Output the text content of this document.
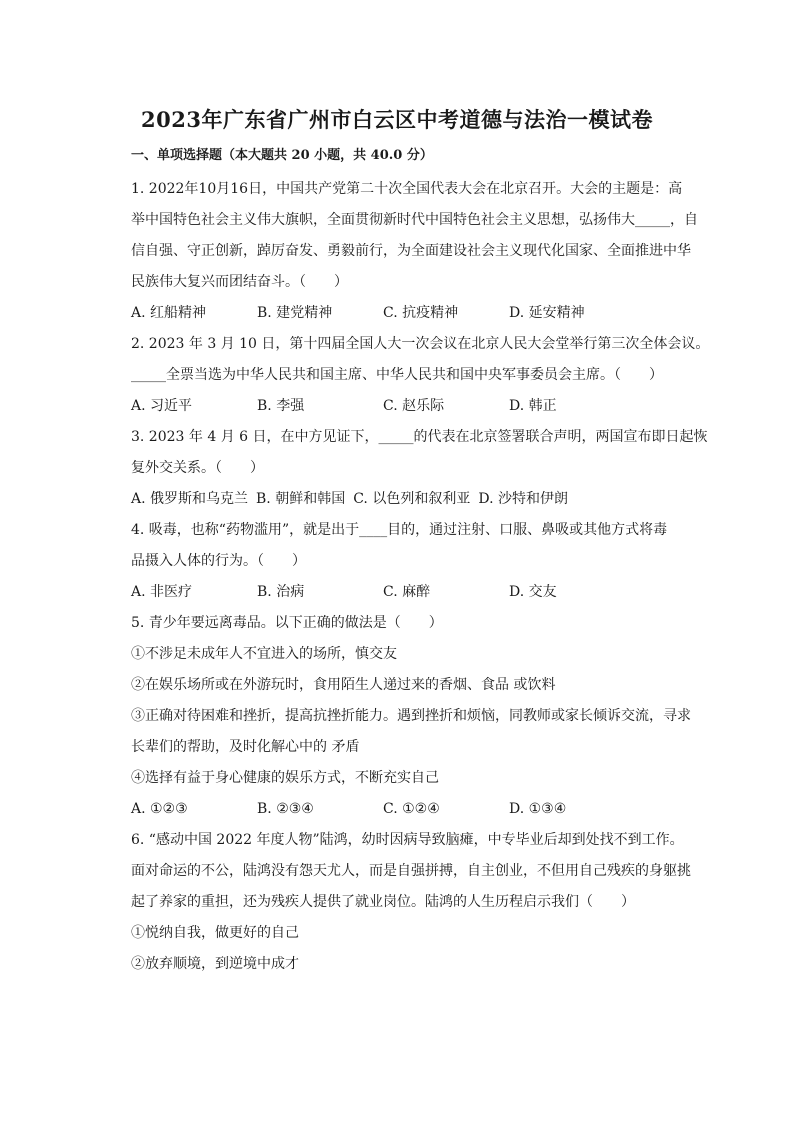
2023年广东省广州市白云区中考道德与法治一模试卷
一、单项选择题（本大题共 20 小题，共 40.0 分）
1. 2022年10月16日，中国共产党第二十次全国代表大会在北京召开。大会的主题是：高
举中国特色社会主义伟大旗帜，全面贯彻新时代中国特色社会主义思想，弘扬伟大_____，自
信自强、守正创新，踔厉奋发、勇毅前行，为全面建设社会主义现代化国家、全面推进中华
民族伟大复兴而团结奋斗。（　　）
A. 红船精神	B. 建党精神	C. 抗疫精神	D. 延安精神
2. 2023 年 3 月 10 日，第十四届全国人大一次会议在北京人民大会堂举行第三次全体会议。
_____全票当选为中华人民共和国主席、中华人民共和国中央军事委员会主席。（　　）
A. 习近平	B. 李强	C. 赵乐际	D. 韩正
3. 2023 年 4 月 6 日，在中方见证下，_____的代表在北京签署联合声明，两国宣布即日起恢
复外交关系。（　　）
A. 俄罗斯和乌克兰 B. 朝鲜和韩国 C. 以色列和叙利亚 D. 沙特和伊朗
4. 吸毒，也称“药物滥用”，就是出于____目的，通过注射、口服、鼻吸或其他方式将毒
品摄入人体的行为。（　　）
A. 非医疗	B. 治病	C. 麻醉	D. 交友
5. 青少年要远离毒品。以下正确的做法是（　　）
①不涉足未成年人不宜进入的场所，慎交友
②在娱乐场所或在外游玩时，食用陌生人递过来的香烟、食品 或饮料
③正确对待困难和挫折，提高抗挫折能力。遇到挫折和烦恼，同教师或家长倾诉交流，寻求
长辈们的帮助，及时化解心中的 矛盾
④选择有益于身心健康的娱乐方式，不断充实自己
A. ①②③	B. ②③④	C. ①②④	D. ①③④
6. “感动中国 2022 年度人物”陆鸿，幼时因病导致脑瘫，中专毕业后却到处找不到工作。
面对命运的不公，陆鸿没有怨天尤人，而是自强拼搏，自主创业，不但用自己残疾的身躯挑
起了养家的重担，还为残疾人提供了就业岗位。陆鸿的人生历程启示我们（　　）
①悦纳自我，做更好的自己
②放弃顺境，到逆境中成才
